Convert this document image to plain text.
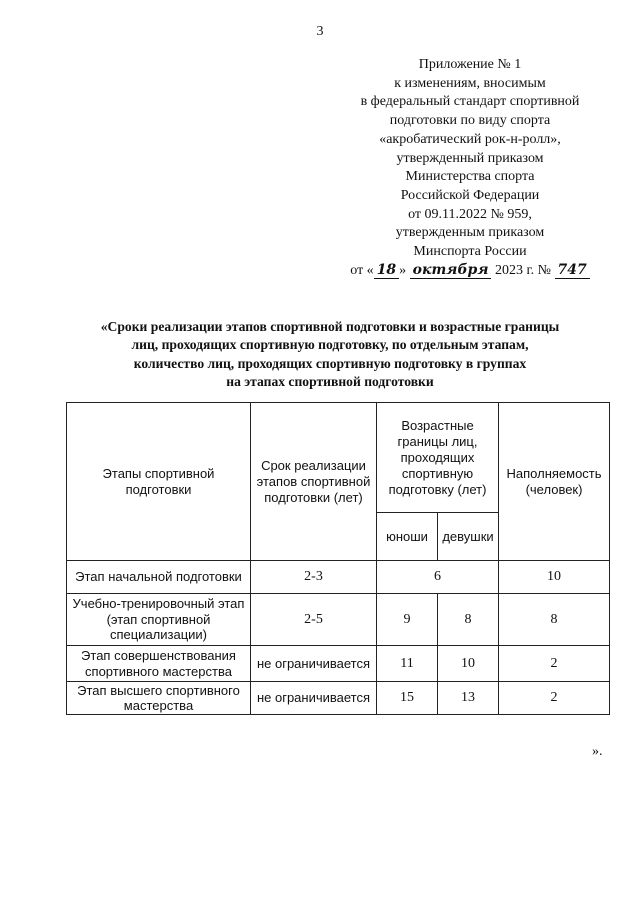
3
Приложение № 1
к изменениям, вносимым
в федеральный стандарт спортивной
подготовки по виду спорта
«акробатический рок-н-ролл»,
утвержденный приказом
Министерства спорта
Российской Федерации
от 09.11.2022 № 959,
утвержденным приказом
Минспорта России
от « 18 » октября 2023 г. № 747
«Сроки реализации этапов спортивной подготовки и возрастные границы
лиц, проходящих спортивную подготовку, по отдельным этапам,
количество лиц, проходящих спортивную подготовку в группах
на этапах спортивной подготовки
Этапы спортивной подготовки	Срок реализации этапов спортивной подготовки (лет)	Возрастные границы лиц, проходящих спортивную подготовку (лет)		Наполняемость (человек)
		юноши	девушки	
Этап начальной подготовки	2-3	6		10
Учебно-тренировочный этап (этап спортивной специализации)	2-5	9	8	8
Этап совершенствования спортивного мастерства	не ограничивается	11	10	2
Этап высшего спортивного мастерства	не ограничивается	15	13	2
».
